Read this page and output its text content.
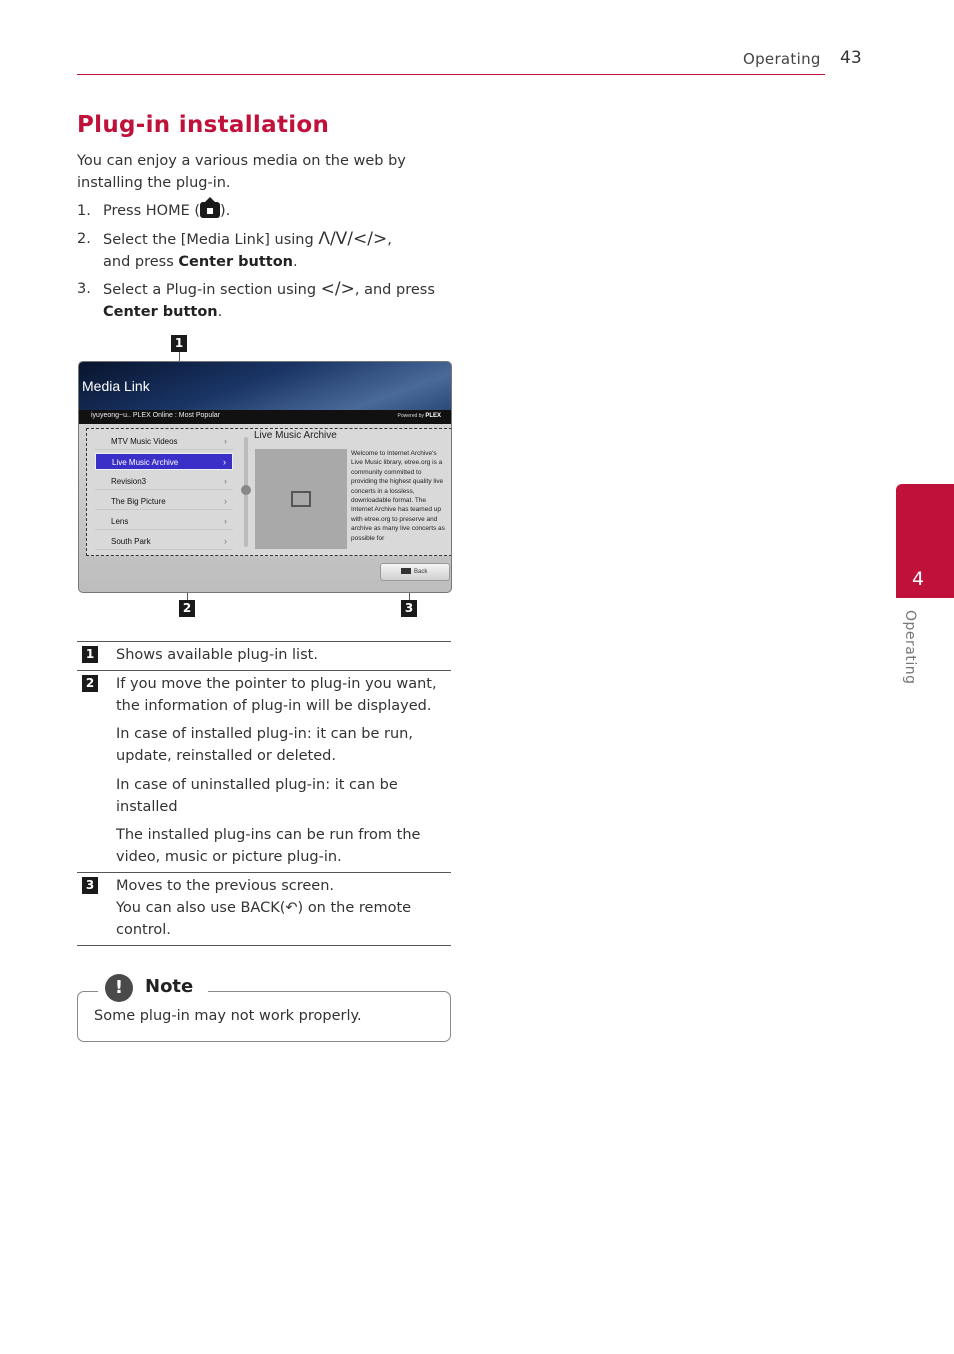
Operating 43
4
Operating
Plug-in installation
You can enjoy a various media on the web by installing the plug-in.
1. Press HOME ( ).
2. Select the [Media Link] using Λ/V/</>,
and press Center button.
3. Select a Plug-in section using </>, and press
Center button.
1
2	3
Media Link
iyuyeong~u.. PLEX Online : Most Popular	Powered by PLEX
MTV Music Videos	›
Live Music Archive	›
Revision3	›
The Big Picture	›
Lens	›
South Park	›
Live Music Archive
Welcome to Internet Archive's Live Music library, etree.org is a community committed to providing the highest quality live concerts in a lossless, downloadable format. The Internet Archive has teamed up with etree.org to preserve and archive as many live concerts as possible for
Back
1 Shows available plug-in list.
2 If you move the pointer to plug-in you want, the information of plug-in will be displayed.
In case of installed plug-in: it can be run, update, reinstalled or deleted.
In case of uninstalled plug-in: it can be installed
The installed plug-ins can be run from the video, music or picture plug-in.
3 Moves to the previous screen.
You can also use BACK(↶) on the remote control.
!	Note
Some plug-in may not work properly.
